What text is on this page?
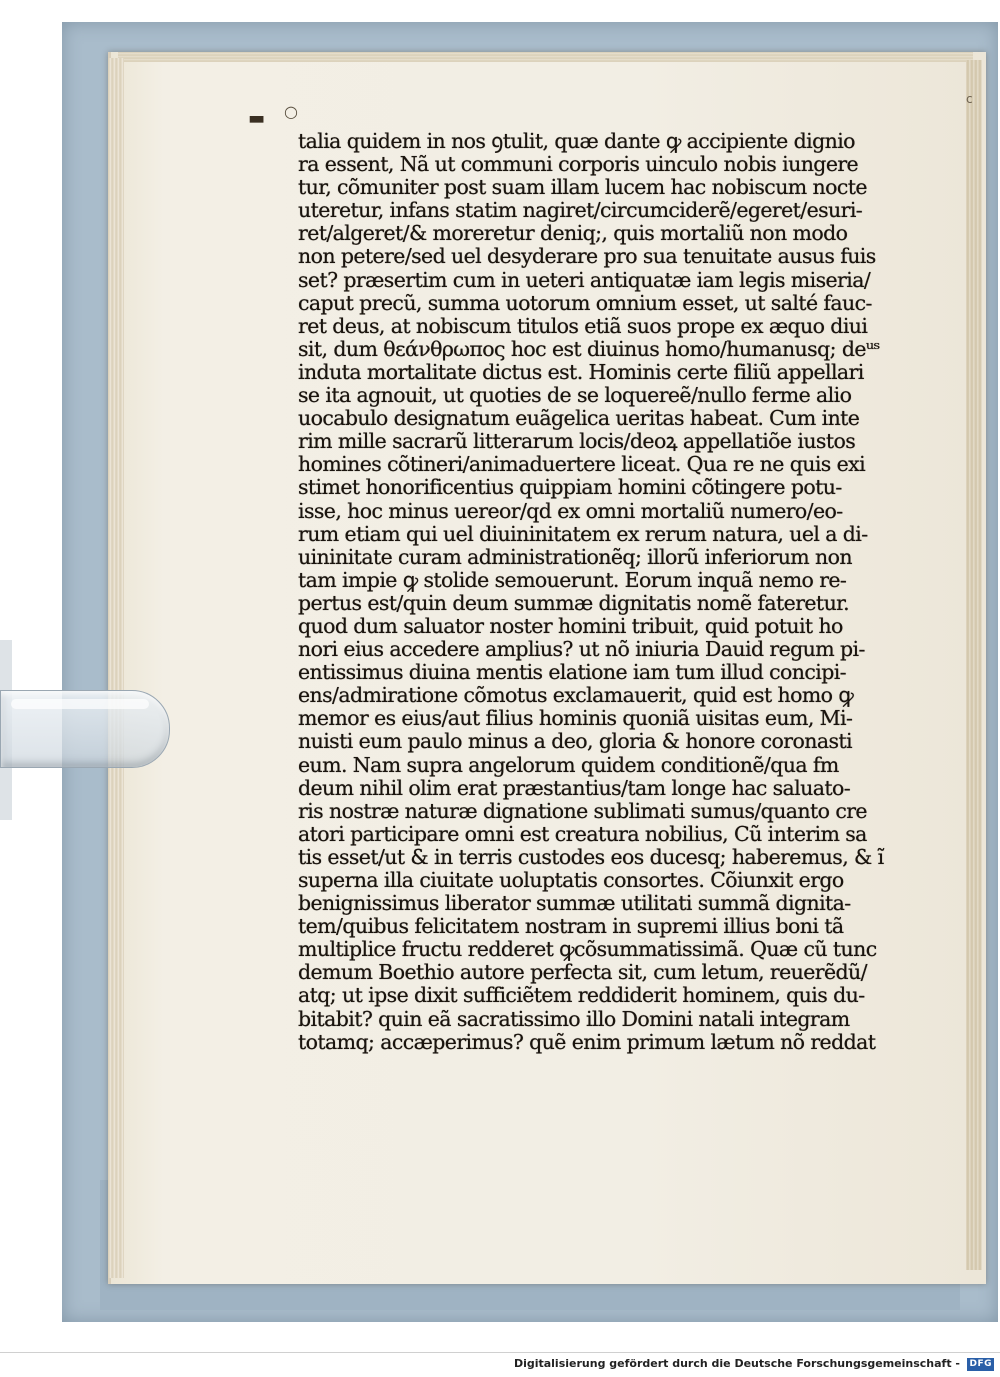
▬ ○
c
talia quidem in nos ꝯtulit, quæ dante ꝙ accipiente dignio
ra essent, Nã ut communi corporis uinculo nobis iungere
tur, cõmuniter post suam illam lucem hac nobiscum nocte
uteretur, infans statim nagiret/circumciderẽ/egeret/esuri-
ret/algeret/& moreretur deniq;, quis mortaliũ non modo
non petere/sed uel desyderare pro sua tenuitate ausus fuis
set? præsertim cum in ueteri antiquatæ iam legis miseria/
caput precũ, summa uotorum omnium esset, ut salté fauc-
ret deus, at nobiscum titulos etiã suos prope ex æquo diui
sit, dum θεάνθρωπος hoc est diuinus homo/humanusq; deᵘˢ
induta mortalitate dictus est. Hominis certe filiũ appellari
se ita agnouit, ut quoties de se loquereẽ/nullo ferme alio
uocabulo designatum euãgelica ueritas habeat. Cum inte
rim mille sacrarũ litterarum locis/deoꝝ appellatiõe iustos
homines cõtineri/animaduertere liceat. Qua re ne quis exi
stimet honorificentius quippiam homini cõtingere potu-
isse, hoc minus uereor/qd ex omni mortaliũ numero/eo-
rum etiam qui uel diuininitatem ex rerum natura, uel a di-
uininitate curam administrationẽq; illorũ inferiorum non
tam impie ꝙ stolide semouerunt. Eorum inquã nemo re-
pertus est/quin deum summæ dignitatis nomẽ fateretur.
quod dum saluator noster homini tribuit, quid potuit ho
nori eius accedere amplius? ut nõ iniuria Dauid regum pi-
entissimus diuina mentis elatione iam tum illud concipi-
ens/admiratione cõmotus exclamauerit, quid est homo ꝙ
memor es eius/aut filius hominis quoniã uisitas eum, Mi-
nuisti eum paulo minus a deo, gloria & honore coronasti
eum. Nam supra angelorum quidem conditionẽ/qua fm
deum nihil olim erat præstantius/tam longe hac saluato-
ris nostræ naturæ dignatione sublimati sumus/quanto cre
atori participare omni est creatura nobilius, Cũ interim sa
tis esset/ut & in terris custodes eos ducesq; haberemus, & ĩ
superna illa ciuitate uoluptatis consortes. Cõiunxit ergo
benignissimus liberator summæ utilitati summã dignita-
tem/quibus felicitatem nostram in supremi illius boni tã
multiplice fructu redderet ꝙcõsummatissimã. Quæ cũ tunc
demum Boethio autore perfecta sit, cum letum, reuerẽdũ/
atq; ut ipse dixit sufficiẽtem reddiderit hominem, quis du-
bitabit? quin eã sacratissimo illo Domini natali integram
totamq; accæperimus? quẽ enim primum lætum nõ reddat
Digitalisierung gefördert durch die Deutsche Forschungsgemeinschaft - DFG
